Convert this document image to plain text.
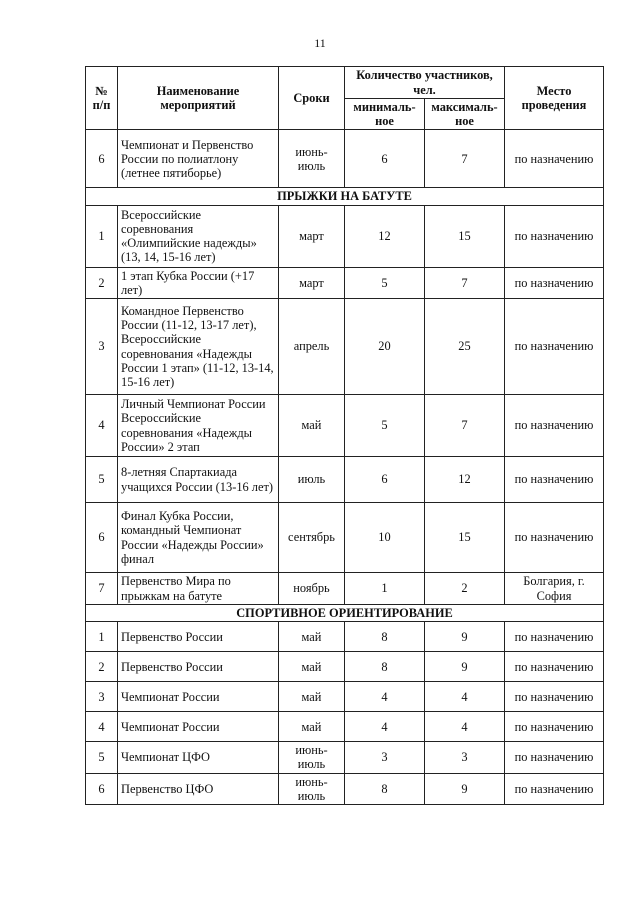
11
№ п/п	Наименование мероприятий	Сроки	Количество участников, чел.		Место проведения
			минималь-ное	максималь-ное	
6	Чемпионат и Первенство России по полиатлону (летнее пятиборье)	июнь-июль	6	7	по назначению
ПРЫЖКИ НА БАТУТЕ					
1	Всероссийские соревнования «Олимпийские надежды» (13, 14, 15-16 лет)	март	12	15	по назначению
2	1 этап Кубка России (+17 лет)	март	5	7	по назначению
3	Командное Первенство России (11-12, 13-17 лет), Всероссийские соревнования «Надежды России 1 этап» (11-12, 13-14, 15-16 лет)	апрель	20	25	по назначению
4	Личный Чемпионат России Всероссийские соревнования «Надежды России» 2 этап	май	5	7	по назначению
5	8-летняя Спартакиада учащихся России (13-16 лет)	июль	6	12	по назначению
6	Финал Кубка России, командный Чемпионат России «Надежды России» финал	сентябрь	10	15	по назначению
7	Первенство Мира по прыжкам на батуте	ноябрь	1	2	Болгария, г. София
СПОРТИВНОЕ ОРИЕНТИРОВАНИЕ					
1	Первенство России	май	8	9	по назначению
2	Первенство России	май	8	9	по назначению
3	Чемпионат России	май	4	4	по назначению
4	Чемпионат России	май	4	4	по назначению
5	Чемпионат ЦФО	июнь-июль	3	3	по назначению
6	Первенство ЦФО	июнь-июль	8	9	по назначению
